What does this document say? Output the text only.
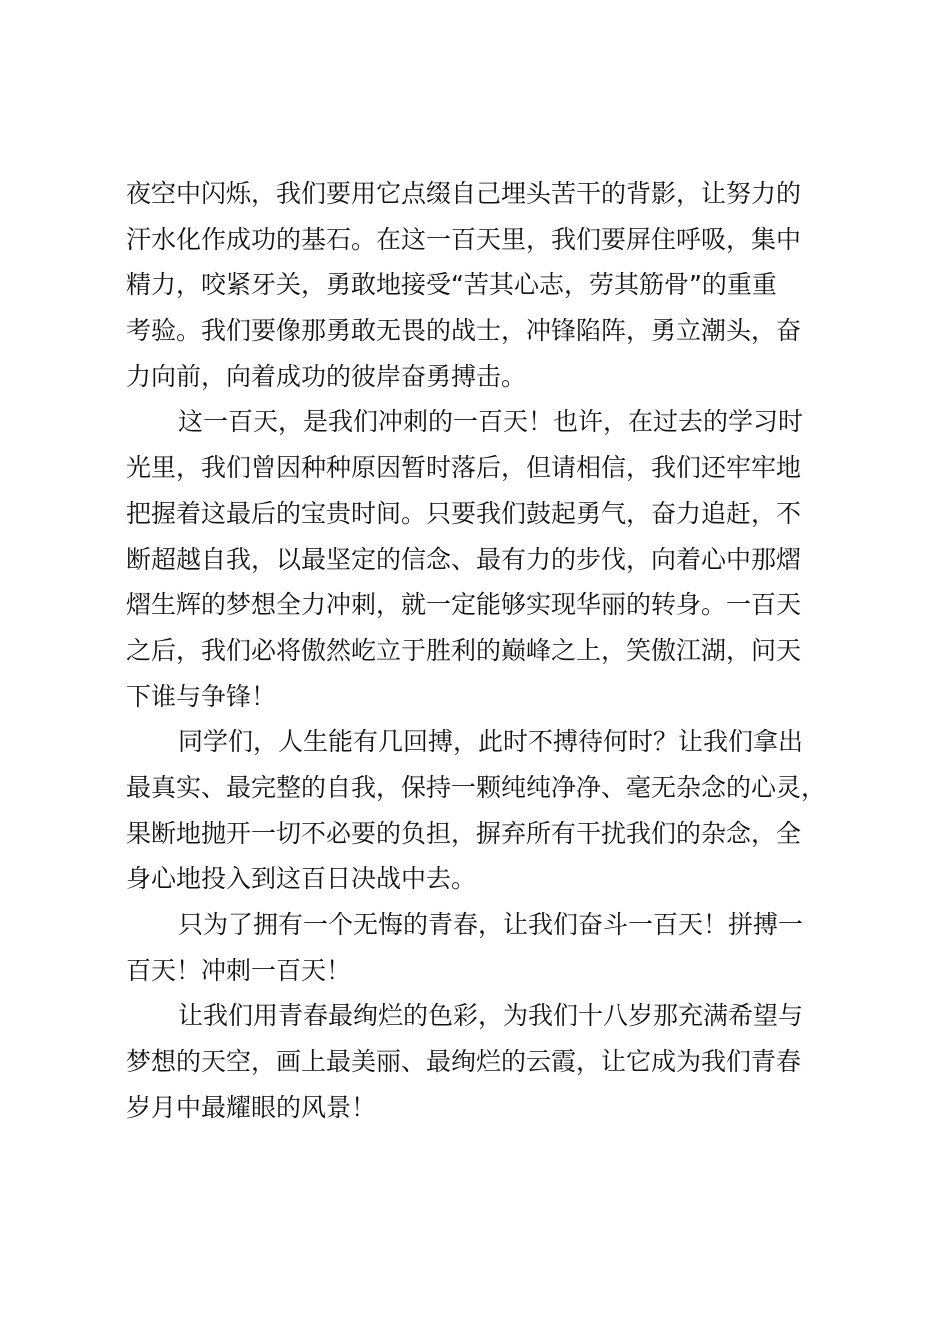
夜空中闪烁，我们要用它点缀自己埋头苦干的背影，让努力的
汗水化作成功的基石。在这一百天里，我们要屏住呼吸，集中
精力，咬紧牙关，勇敢地接受“苦其心志，劳其筋骨”的重重
考验。我们要像那勇敢无畏的战士，冲锋陷阵，勇立潮头，奋
力向前，向着成功的彼岸奋勇搏击。
这一百天，是我们冲刺的一百天！也许，在过去的学习时
光里，我们曾因种种原因暂时落后，但请相信，我们还牢牢地
把握着这最后的宝贵时间。只要我们鼓起勇气，奋力追赶，不
断超越自我，以最坚定的信念、最有力的步伐，向着心中那熠
熠生辉的梦想全力冲刺，就一定能够实现华丽的转身。一百天
之后，我们必将傲然屹立于胜利的巅峰之上，笑傲江湖，问天
下谁与争锋！
同学们，人生能有几回搏，此时不搏待何时？让我们拿出
最真实、最完整的自我，保持一颗纯纯净净、毫无杂念的心灵，
果断地抛开一切不必要的负担，摒弃所有干扰我们的杂念，全
身心地投入到这百日决战中去。
只为了拥有一个无悔的青春，让我们奋斗一百天！拼搏一
百天！冲刺一百天！
让我们用青春最绚烂的色彩，为我们十八岁那充满希望与
梦想的天空，画上最美丽、最绚烂的云霞，让它成为我们青春
岁月中最耀眼的风景！
